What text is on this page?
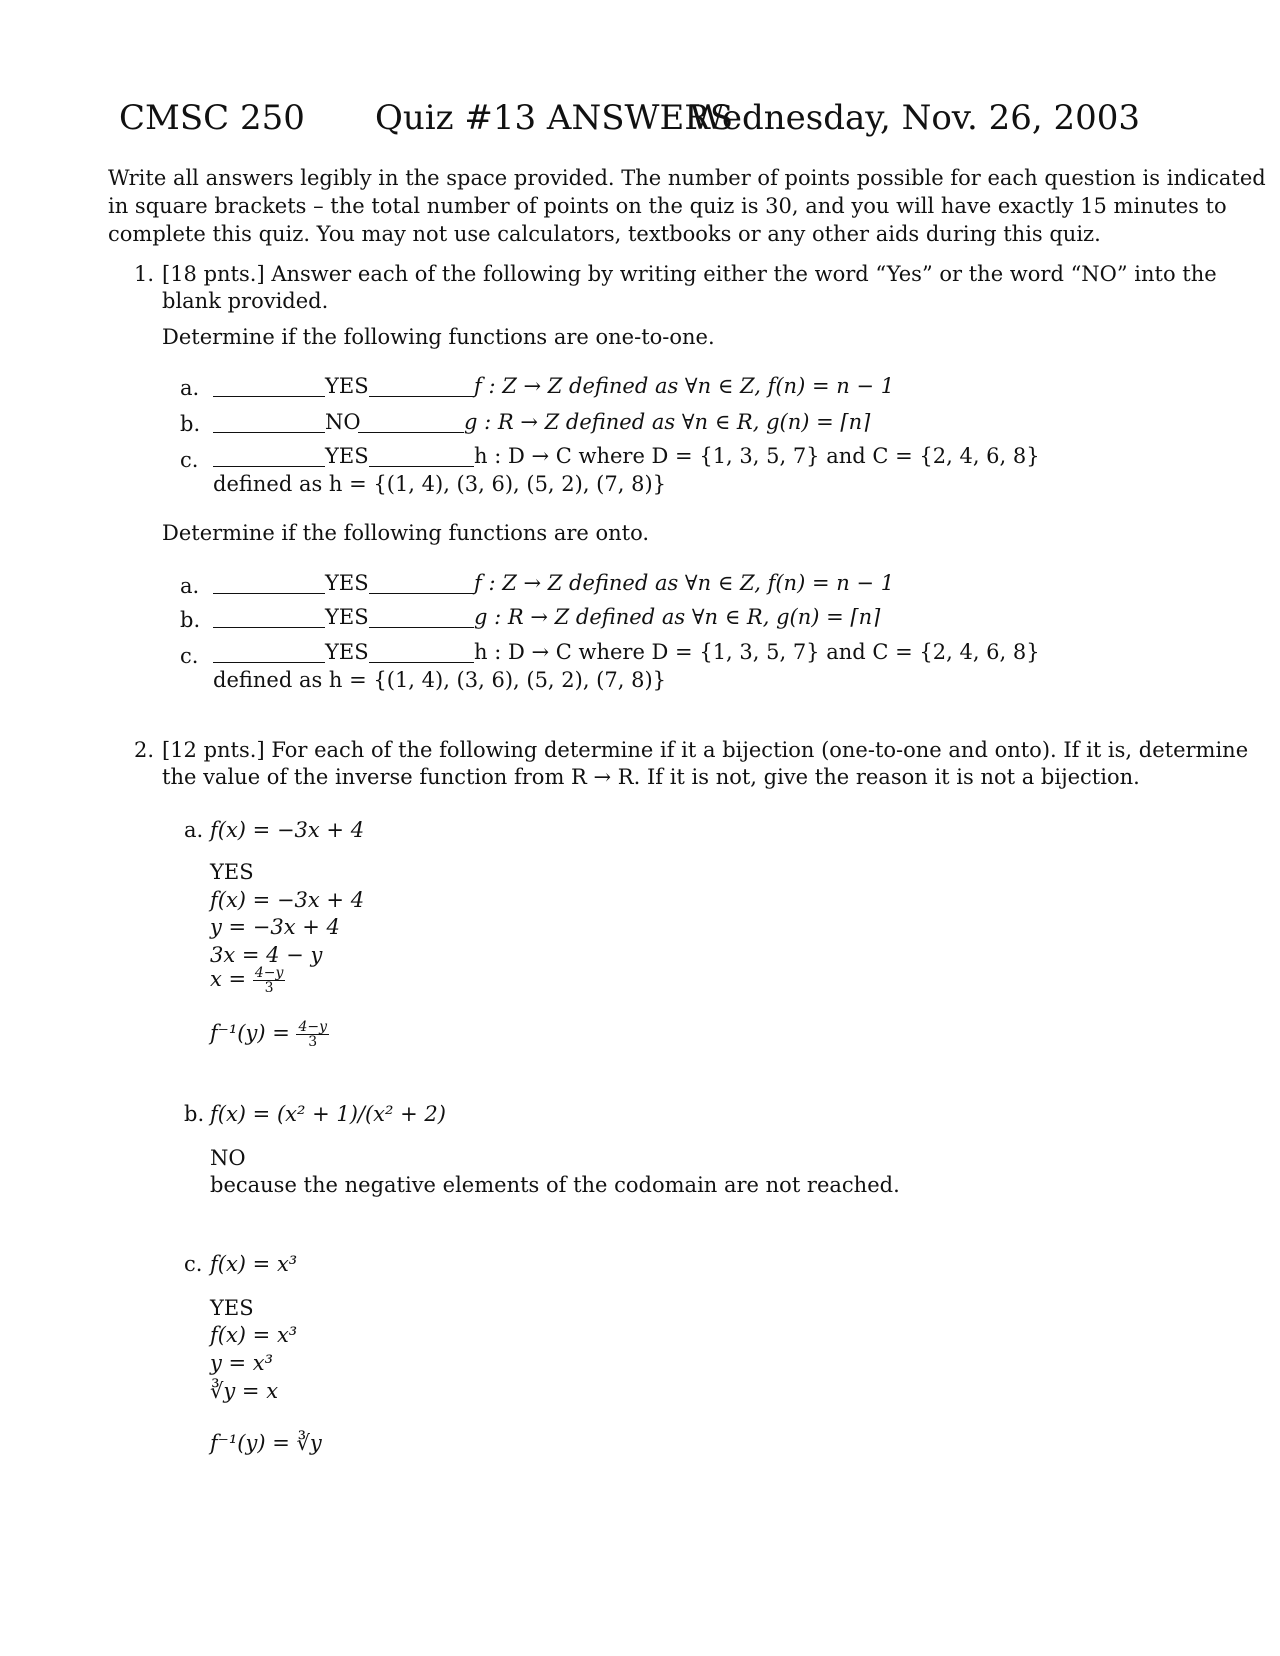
CMSC 250 Quiz #13 ANSWERS
Wednesday, Nov. 26, 2003
Write all answers legibly in the space provided. The number of points possible for each question is indicated
in square brackets – the total number of points on the quiz is 30, and you will have exactly 15 minutes to
complete this quiz. You may not use calculators, textbooks or any other aids during this quiz.
1. [18 pnts.] Answer each of the following by writing either the word “Yes” or the word “NO” into the
blank provided.
Determine if the following functions are one-to-one.
a.	YES	f : Z → Z defined as ∀n ∈ Z, f(n) = n − 1
b.	NO	g : R → Z defined as ∀n ∈ R, g(n) = ⌈n⌉
c.	YES	h : D → C where D = {1, 3, 5, 7} and C = {2, 4, 6, 8}
defined as h = {(1, 4), (3, 6), (5, 2), (7, 8)}
Determine if the following functions are onto.
a.	YES	f : Z → Z defined as ∀n ∈ Z, f(n) = n − 1
b.	YES	g : R → Z defined as ∀n ∈ R, g(n) = ⌈n⌉
c.	YES	h : D → C where D = {1, 3, 5, 7} and C = {2, 4, 6, 8}
defined as h = {(1, 4), (3, 6), (5, 2), (7, 8)}
2. [12 pnts.] For each of the following determine if it a bijection (one-to-one and onto). If it is, determine
the value of the inverse function from R → R. If it is not, give the reason it is not a bijection.
a. f(x) = −3x + 4
YES
f(x) = −3x + 4
y = −3x + 4
3x = 4 − y
$x = \frac{4-y}{3}$
$f^{-1}(y) = \frac{4-y}{3}$
b. f(x) = (x² + 1)/(x² + 2)
NO
because the negative elements of the codomain are not reached.
c. f(x) = x³
YES
f(x) = x³
y = x³
∛y = x
f⁻¹(y) = ∛y
